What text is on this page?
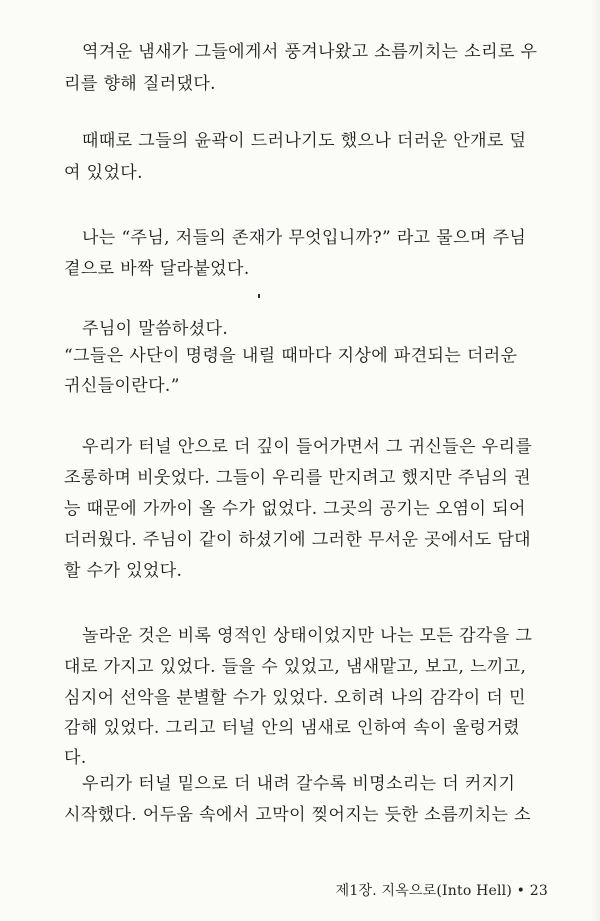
역겨운 냄새가 그들에게서 풍겨나왔고 소름끼치는 소리로 우
리를 향해 질러댔다.
때때로 그들의 윤곽이 드러나기도 했으나 더러운 안개로 덮
여 있었다.
나는 “주님, 저들의 존재가 무엇입니까?” 라고 물으며 주님
곁으로 바짝 달라붙었다.
주님이 말씀하셨다.
“그들은 사단이 명령을 내릴 때마다 지상에 파견되는 더러운
귀신들이란다.”
우리가 터널 안으로 더 깊이 들어가면서 그 귀신들은 우리를
조롱하며 비웃었다. 그들이 우리를 만지려고 했지만 주님의 권
능 때문에 가까이 올 수가 없었다. 그곳의 공기는 오염이 되어
더러웠다. 주님이 같이 하셨기에 그러한 무서운 곳에서도 담대
할 수가 있었다.
놀라운 것은 비록 영적인 상태이었지만 나는 모든 감각을 그
대로 가지고 있었다. 들을 수 있었고, 냄새맡고, 보고, 느끼고,
심지어 선악을 분별할 수가 있었다. 오히려 나의 감각이 더 민
감해 있었다. 그리고 터널 안의 냄새로 인하여 속이 울렁거렸
다.
우리가 터널 밑으로 더 내려 갈수록 비명소리는 더 커지기
시작했다. 어두움 속에서 고막이 찢어지는 듯한 소름끼치는 소
제1장. 지옥으로(Into Hell) • 23
